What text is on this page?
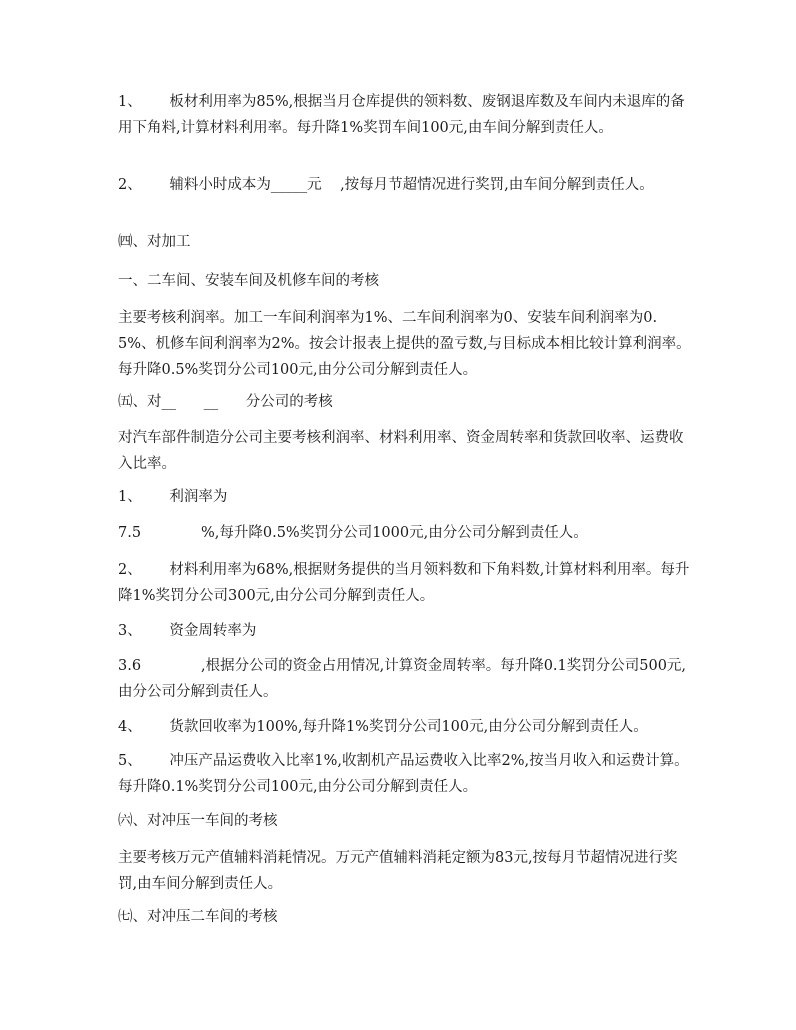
1、      板材利用率为85%,根据当月仓库提供的领料数、废钢退库数及车间内未退库的备用下角料,计算材料利用率。每升降1%奖罚车间100元,由车间分解到责任人。

2、      辅料小时成本为_____元    ,按每月节超情况进行奖罚,由车间分解到责任人。

㈣、对加工

一、二车间、安装车间及机修车间的考核

主要考核利润率。加工一车间利润率为1%、二车间利润率为0、安装车间利润率为0.5%、机修车间利润率为2%。按会计报表上提供的盈亏数,与目标成本相比较计算利润率。每升降0.5%奖罚分公司100元,由分公司分解到责任人。

㈤、对__      __      分公司的考核

对汽车部件制造分公司主要考核利润率、材料利用率、资金周转率和货款回收率、运费收入比率。

1、      利润率为

7.5             %,每升降0.5%奖罚分公司1000元,由分公司分解到责任人。

2、      材料利用率为68%,根据财务提供的当月领料数和下角料数,计算材料利用率。每升降1%奖罚分公司300元,由分公司分解到责任人。

3、      资金周转率为

3.6             ,根据分公司的资金占用情况,计算资金周转率。每升降0.1奖罚分公司500元,由分公司分解到责任人。

4、      货款回收率为100%,每升降1%奖罚分公司100元,由分公司分解到责任人。

5、      冲压产品运费收入比率1%,收割机产品运费收入比率2%,按当月收入和运费计算。每升降0.1%奖罚分公司100元,由分公司分解到责任人。

㈥、对冲压一车间的考核

主要考核万元产值辅料消耗情况。万元产值辅料消耗定额为83元,按每月节超情况进行奖罚,由车间分解到责任人。

㈦、对冲压二车间的考核
